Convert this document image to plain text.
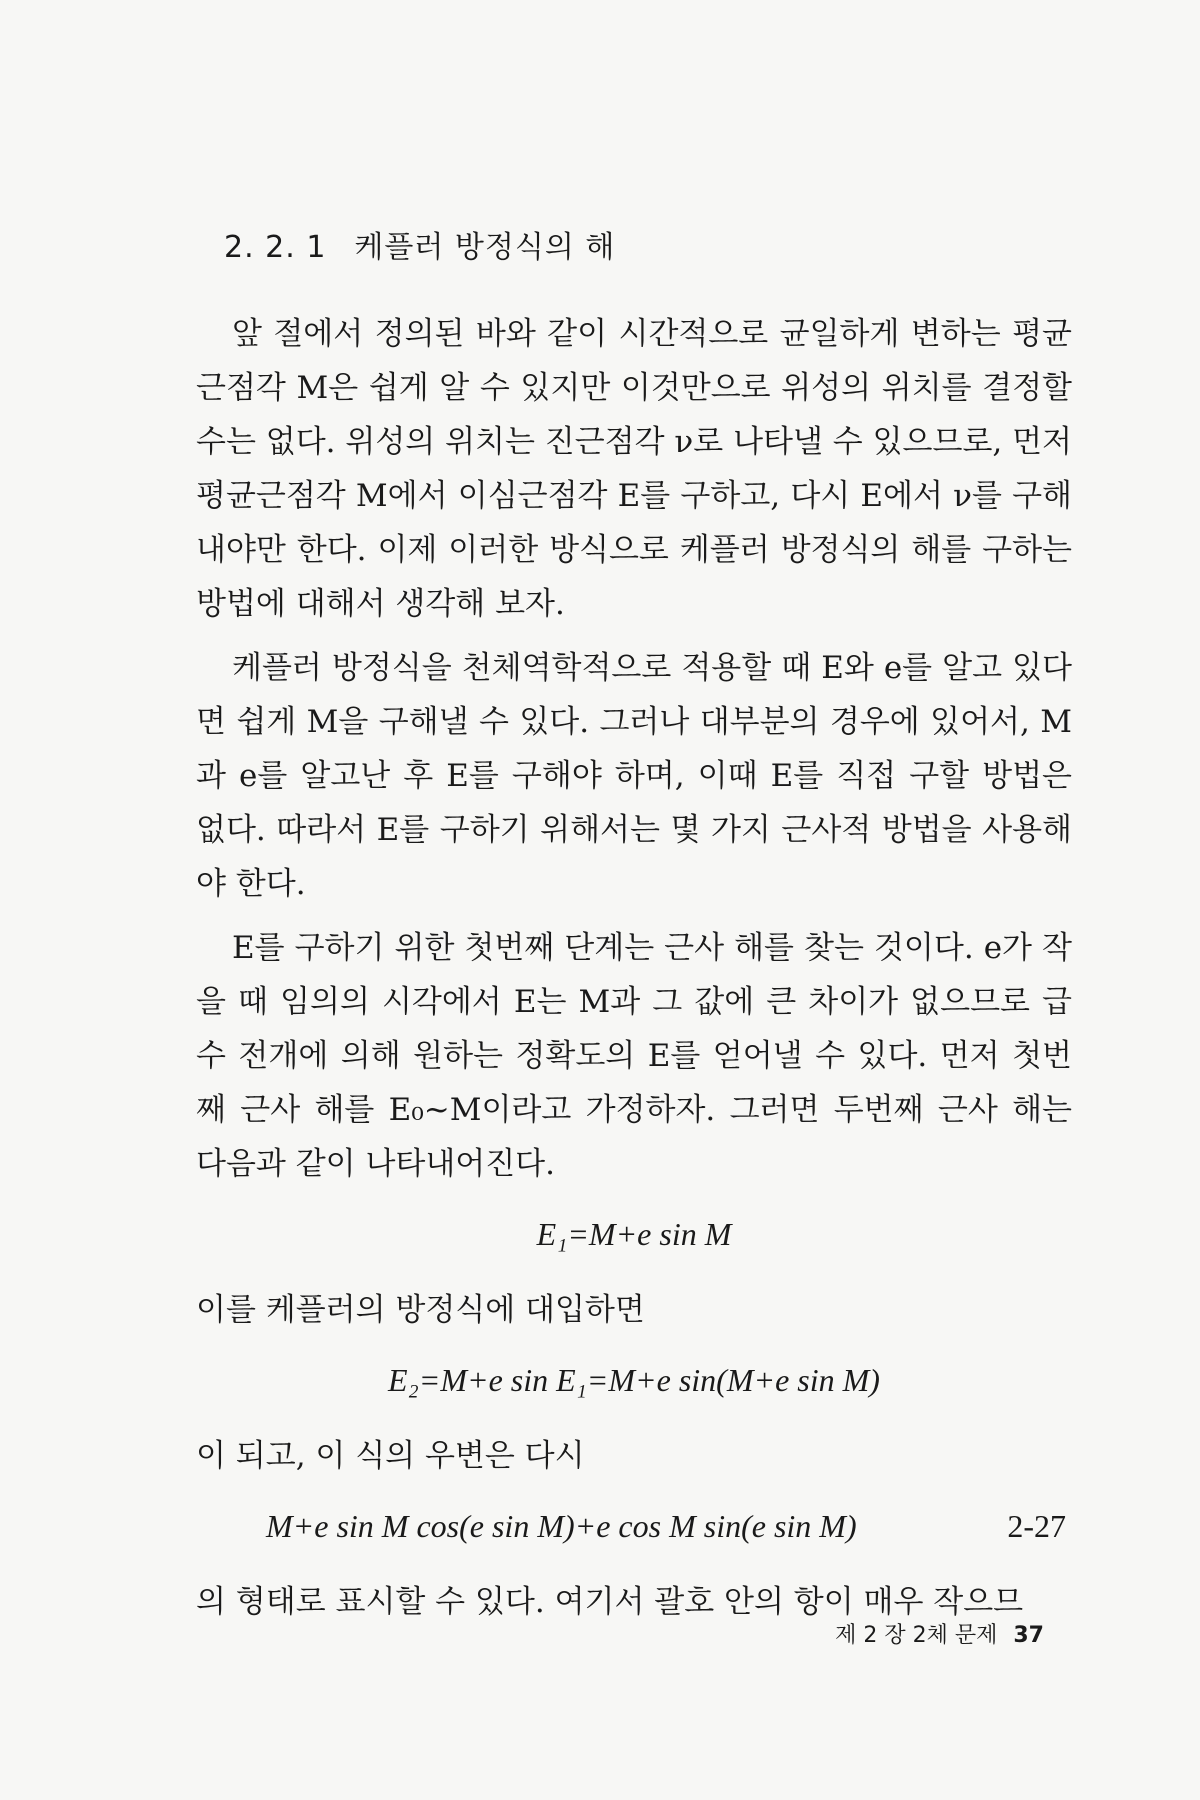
2. 2. 1 케플러 방정식의 해

앞 절에서 정의된 바와 같이 시간적으로 균일하게 변하는 평균 근점각 M은 쉽게 알 수 있지만 이것만으로 위성의 위치를 결정할 수는 없다. 위성의 위치는 진근점각 ν로 나타낼 수 있으므로, 먼저 평균근점각 M에서 이심근점각 E를 구하고, 다시 E에서 ν를 구해내야만 한다. 이제 이러한 방식으로 케플러 방정식의 해를 구하는 방법에 대해서 생각해 보자.

케플러 방정식을 천체역학적으로 적용할 때 E와 e를 알고 있다면 쉽게 M을 구해낼 수 있다. 그러나 대부분의 경우에 있어서, M과 e를 알고난 후 E를 구해야 하며, 이때 E를 직접 구할 방법은 없다. 따라서 E를 구하기 위해서는 몇 가지 근사적 방법을 사용해야 한다.

E를 구하기 위한 첫번째 단계는 근사 해를 찾는 것이다. e가 작을 때 임의의 시각에서 E는 M과 그 값에 큰 차이가 없으므로 급수 전개에 의해 원하는 정확도의 E를 얻어낼 수 있다. 먼저 첫번째 근사 해를 E₀~M이라고 가정하자. 그러면 두번째 근사 해는 다음과 같이 나타내어진다.

E₁=M+e sin M

이를 케플러의 방정식에 대입하면

E₂=M+e sin E₁=M+e sin(M+e sin M)

이 되고, 이 식의 우변은 다시

M+e sin M cos(e sin M)+e cos M sin(e sin M)	2-27

의 형태로 표시할 수 있다. 여기서 괄호 안의 항이 매우 작으므

제 2 장 2체 문제 37
